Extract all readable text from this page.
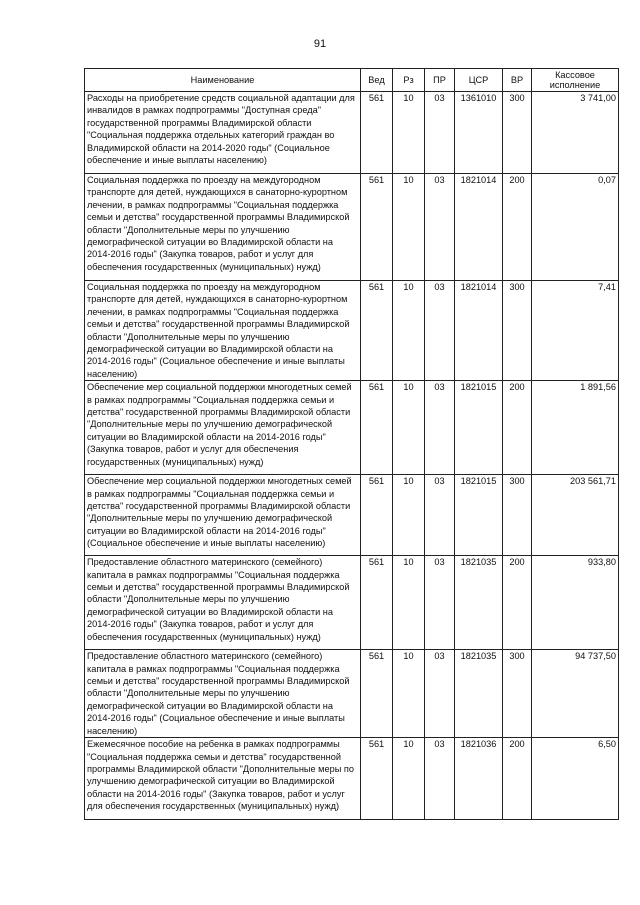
91
Наименование	Вед	Рз	ПР	ЦСР	ВР	Кассовое исполнение
Расходы на приобретение средств социальной адаптации для инвалидов в рамках подпрограммы "Доступная среда" государственной программы Владимирской области "Социальная поддержка отдельных категорий граждан во Владимирской области на 2014-2020 годы" (Социальное обеспечение и иные выплаты населению)	561	10	03	1361010	300	3 741,00
Социальная поддержка по проезду на междугородном транспорте для детей, нуждающихся в санаторно-курортном лечении, в рамках подпрограммы "Социальная поддержка семьи и детства" государственной программы Владимирской области "Дополнительные меры по улучшению демографической ситуации во Владимирской области на 2014-2016 годы" (Закупка товаров, работ и услуг для обеспечения государственных (муниципальных) нужд)	561	10	03	1821014	200	0,07
Социальная поддержка по проезду на междугородном транспорте для детей, нуждающихся в санаторно-курортном лечении, в рамках подпрограммы "Социальная поддержка семьи и детства" государственной программы Владимирской области "Дополнительные меры по улучшению демографической ситуации во Владимирской области на 2014-2016 годы" (Социальное обеспечение и иные выплаты населению)	561	10	03	1821014	300	7,41
Обеспечение мер социальной поддержки многодетных семей в рамках подпрограммы "Социальная поддержка семьи и детства" государственной программы Владимирской области "Дополнительные меры по улучшению демографической ситуации во Владимирской области на 2014-2016 годы" (Закупка товаров, работ и услуг для обеспечения государственных (муниципальных) нужд)	561	10	03	1821015	200	1 891,56
Обеспечение мер социальной поддержки многодетных семей в рамках подпрограммы "Социальная поддержка семьи и детства" государственной программы Владимирской области "Дополнительные меры по улучшению демографической ситуации во Владимирской области на 2014-2016 годы" (Социальное обеспечение и иные выплаты населению)	561	10	03	1821015	300	203 561,71
Предоставление областного материнского (семейного) капитала в рамках подпрограммы "Социальная поддержка семьи и детства" государственной программы Владимирской области "Дополнительные меры по улучшению демографической ситуации во Владимирской области на 2014-2016 годы" (Закупка товаров, работ и услуг для обеспечения государственных (муниципальных) нужд)	561	10	03	1821035	200	933,80
Предоставление областного материнского (семейного) капитала в рамках подпрограммы "Социальная поддержка семьи и детства" государственной программы Владимирской области "Дополнительные меры по улучшению демографической ситуации во Владимирской области на 2014-2016 годы" (Социальное обеспечение и иные выплаты населению)	561	10	03	1821035	300	94 737,50
Ежемесячное пособие на ребенка в рамках подпрограммы "Социальная поддержка семьи и детства" государственной программы Владимирской области "Дополнительные меры по улучшению демографической ситуации во Владимирской области на 2014-2016 годы" (Закупка товаров, работ и услуг для обеспечения государственных (муниципальных) нужд)	561	10	03	1821036	200	6,50
